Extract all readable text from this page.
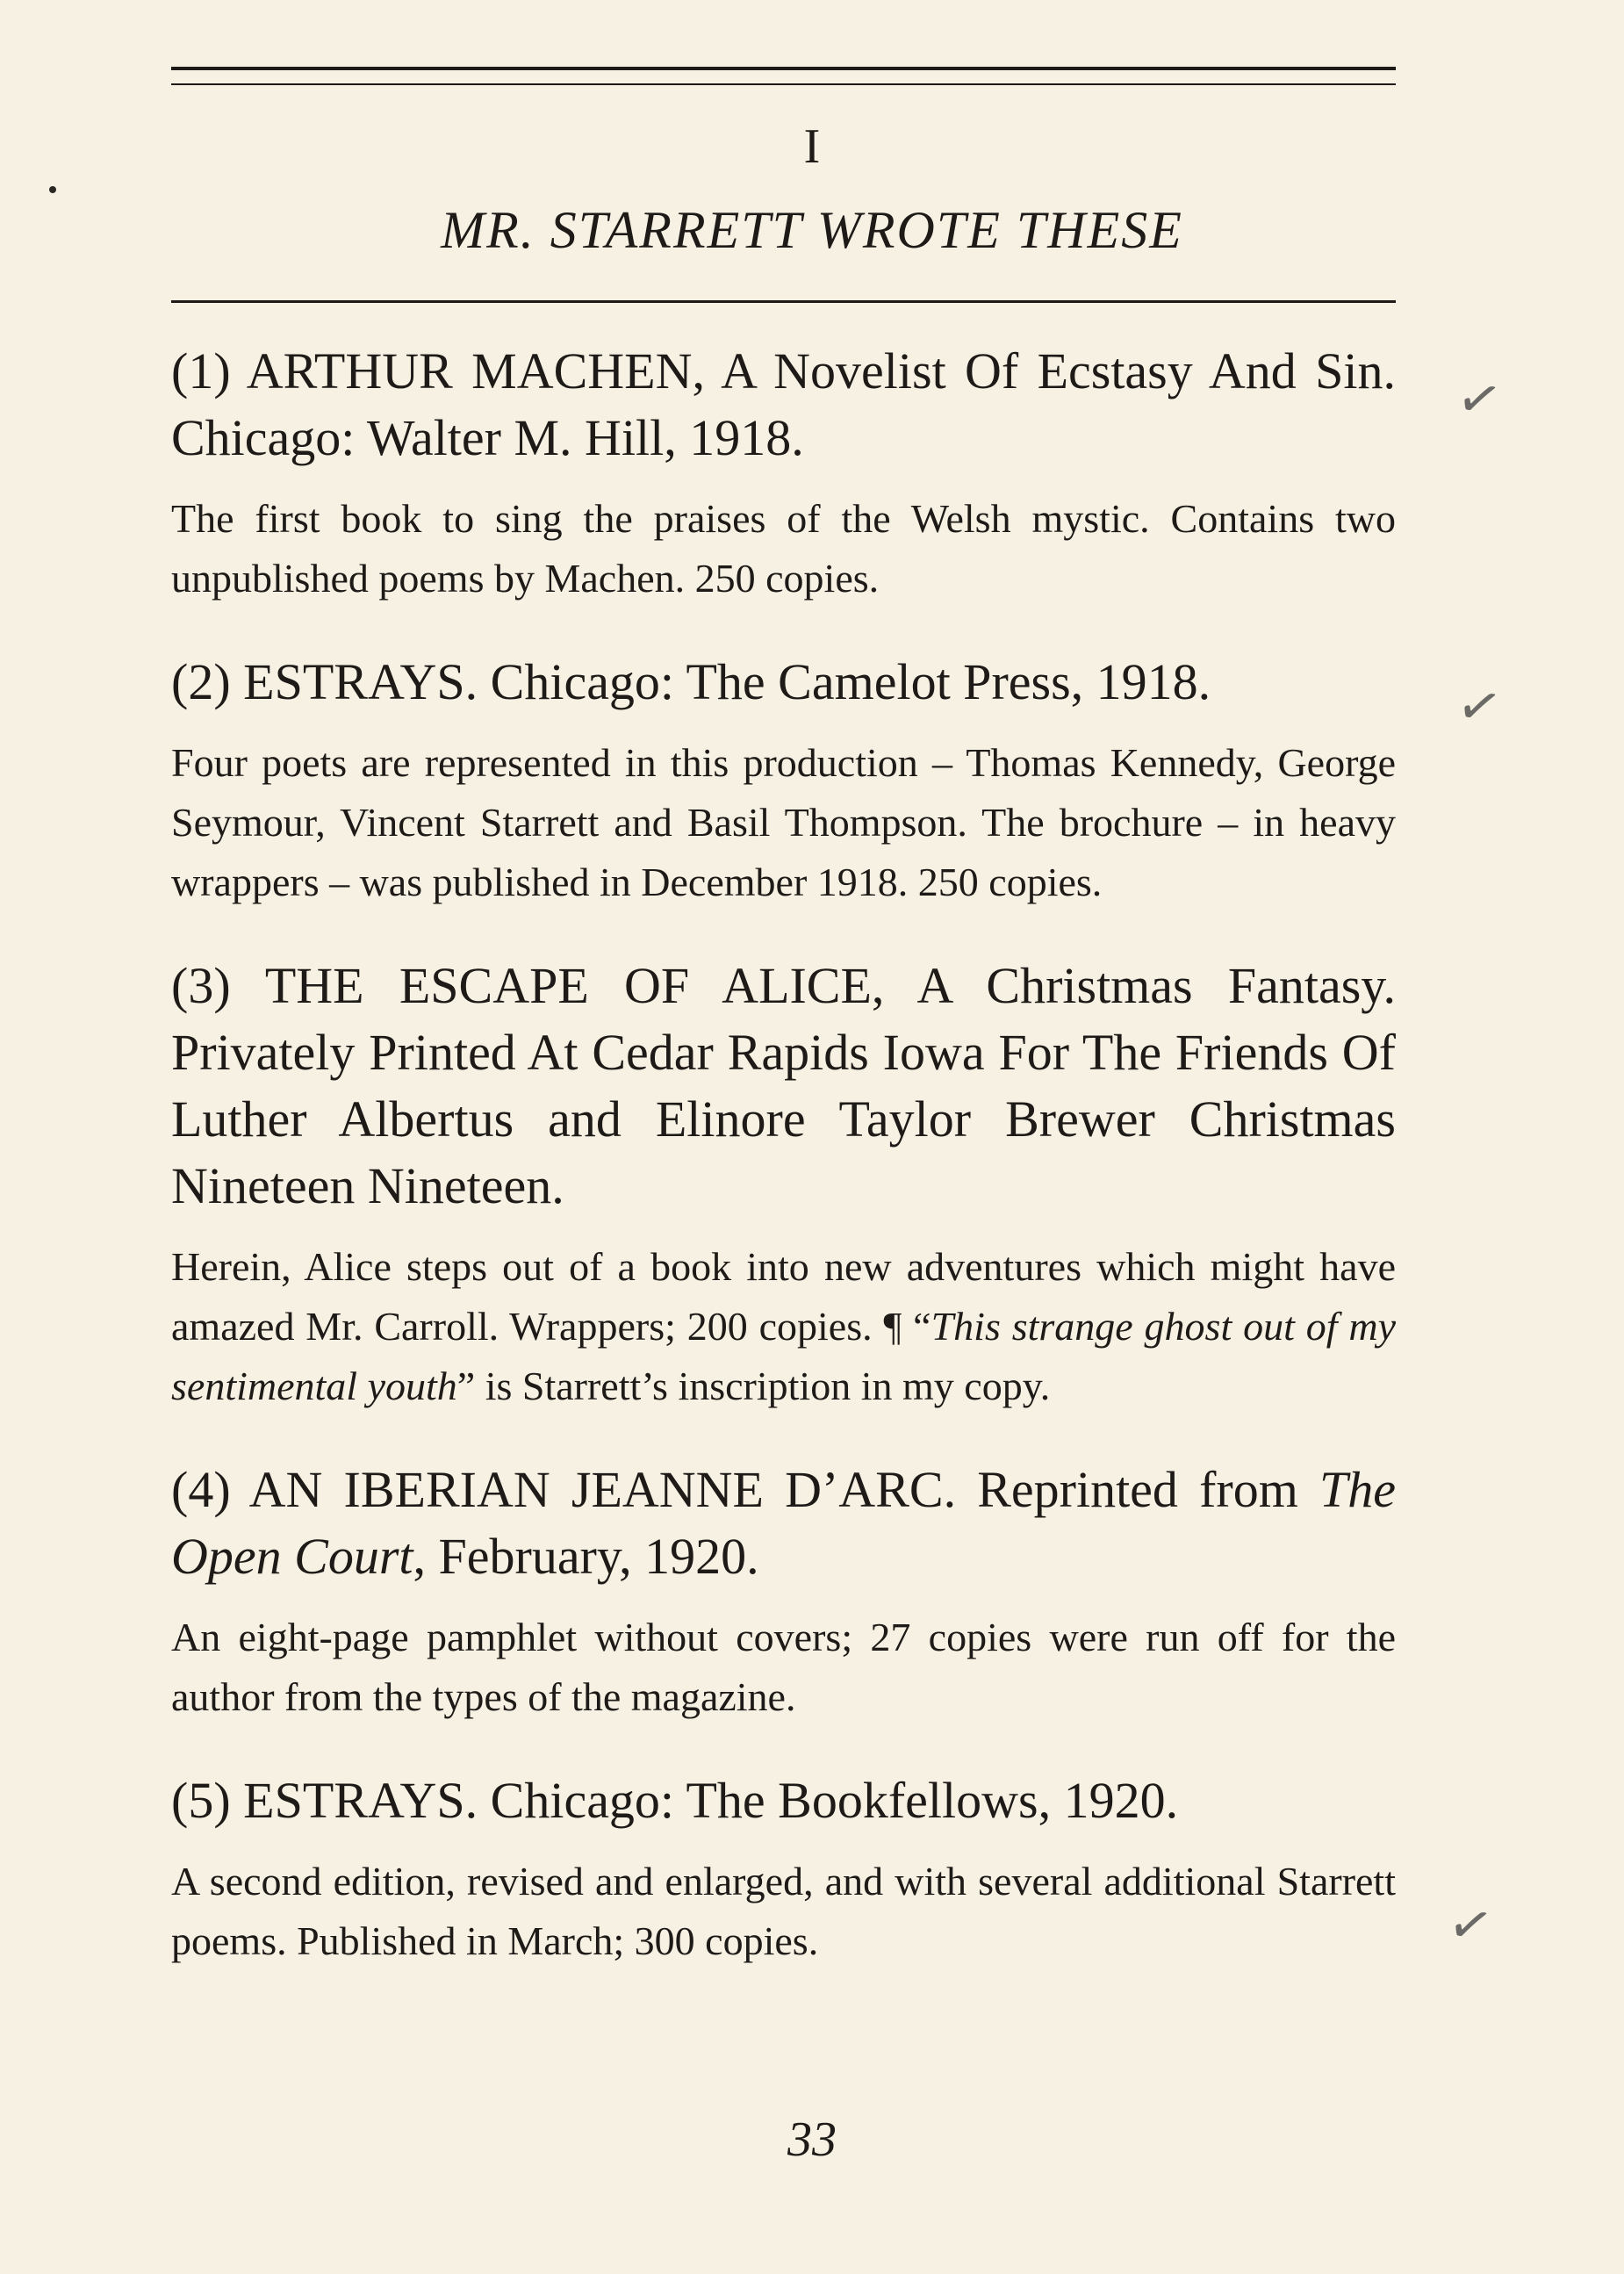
I
MR. STARRETT WROTE THESE

(1) ARTHUR MACHEN, A Novelist Of Ecstasy And Sin. Chicago: Walter M. Hill, 1918.

The first book to sing the praises of the Welsh mystic. Contains two unpublished poems by Machen. 250 copies.

(2) ESTRAYS. Chicago: The Camelot Press, 1918.

Four poets are represented in this production – Thomas Kennedy, George Seymour, Vincent Starrett and Basil Thompson. The brochure – in heavy wrappers – was published in December 1918. 250 copies.

(3) THE ESCAPE OF ALICE, A Christmas Fantasy. Privately Printed At Cedar Rapids Iowa For The Friends Of Luther Albertus and Elinore Taylor Brewer Christmas Nineteen Nineteen.

Herein, Alice steps out of a book into new adventures which might have amazed Mr. Carroll. Wrappers; 200 copies. ¶ “This strange ghost out of my sentimental youth” is Starrett’s inscription in my copy.

(4) AN IBERIAN JEANNE D’ARC. Reprinted from The Open Court, February, 1920.

An eight-page pamphlet without covers; 27 copies were run off for the author from the types of the magazine.

(5) ESTRAYS. Chicago: The Bookfellows, 1920.

A second edition, revised and enlarged, and with several additional Starrett poems. Published in March; 300 copies.

✓
✓
✓
33
